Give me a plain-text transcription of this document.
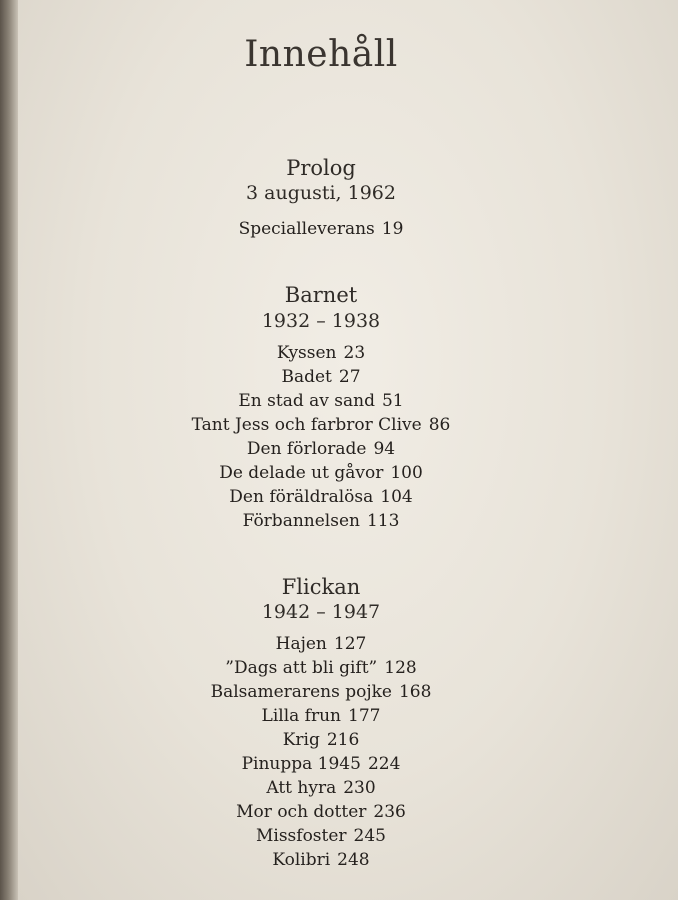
Innehåll
Prolog
3 augusti, 1962
Specialleverans 19
Barnet
1932 – 1938
Kyssen 23
Badet 27
En stad av sand 51
Tant Jess och farbror Clive 86
Den förlorade 94
De delade ut gåvor 100
Den föräldralösa 104
Förbannelsen 113
Flickan
1942 – 1947
Hajen 127
”Dags att bli gift” 128
Balsamerarens pojke 168
Lilla frun 177
Krig 216
Pinuppa 1945 224
Att hyra 230
Mor och dotter 236
Missfoster 245
Kolibri 248
